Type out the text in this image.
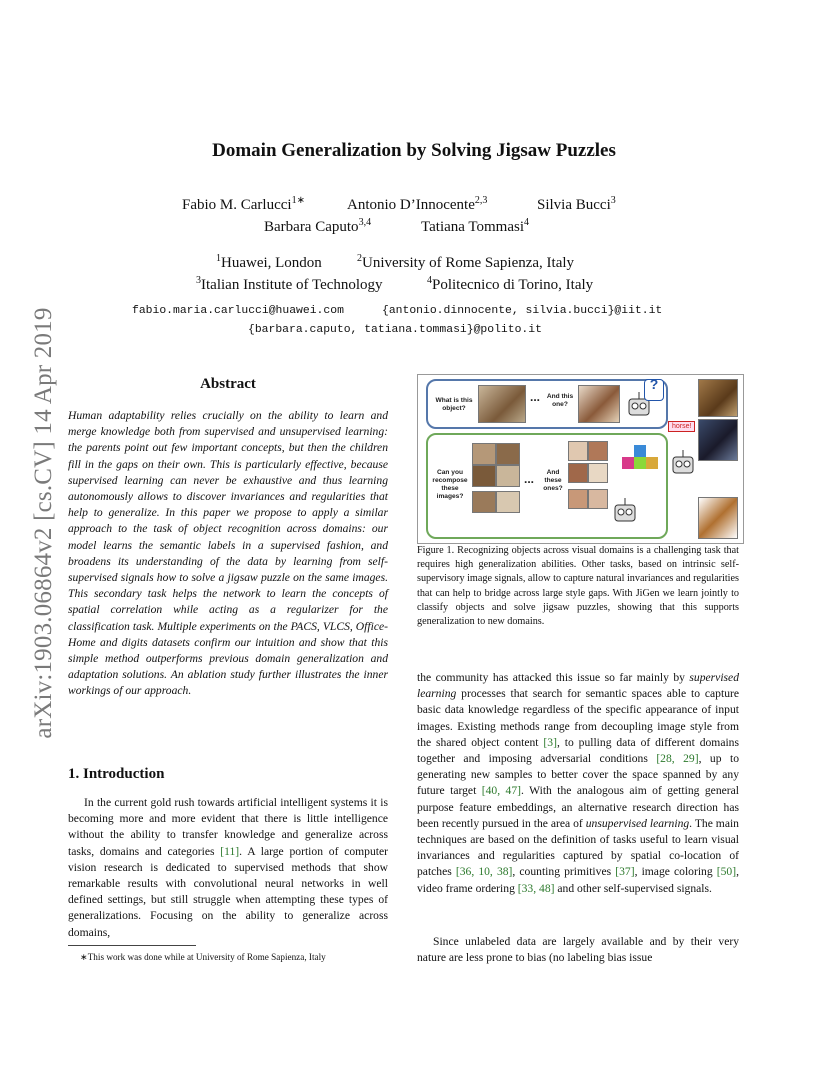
arXiv:1903.06864v2 [cs.CV] 14 Apr 2019
Domain Generalization by Solving Jigsaw Puzzles
Fabio M. Carlucci$^{1∗}$	Antonio D’Innocente$^{2,3}$	Silvia Bucci$^3$
Barbara Caputo$^{3,4}$	Tatiana Tommasi$^4$
$^1$Huawei, London	$^2$University of Rome Sapienza, Italy
$^3$Italian Institute of Technology	$^4$Politecnico di Torino, Italy
fabio.maria.carlucci@huawei.com	{antonio.dinnocente, silvia.bucci}@iit.it
{barbara.caputo, tatiana.tommasi}@polito.it
Abstract
Human adaptability relies crucially on the ability to learn and merge knowledge both from supervised and unsupervised learning: the parents point out few important concepts, but then the children fill in the gaps on their own. This is particularly effective, because supervised learning can never be exhaustive and thus learning autonomously allows to discover invariances and regularities that help to generalize. In this paper we propose to apply a similar approach to the task of object recognition across domains: our model learns the semantic labels in a supervised fashion, and broadens its understanding of the data by learning from self-supervised signals how to solve a jigsaw puzzle on the same images. This secondary task helps the network to learn the concepts of spatial correlation while acting as a regularizer for the classification task. Multiple experiments on the PACS, VLCS, Office-Home and digits datasets confirm our intuition and show that this simple method outperforms previous domain generalization and adaptation solutions. An ablation study further illustrates the inner workings of our approach.
1. Introduction
In the current gold rush towards artificial intelligent systems it is becoming more and more evident that there is little intelligence without the ability to transfer knowledge and generalize across tasks, domains and categories [11]. A large portion of computer vision research is dedicated to supervised methods that show remarkable results with convolutional neural networks in well defined settings, but still struggle when attempting these types of generalizations. Focusing on the ability to generalize across domains,
∗This work was done while at University of Rome Sapienza, Italy
What is this object?
...	And this one?
?
Can you recompose these images?
...	And these ones?
horse!
Figure 1. Recognizing objects across visual domains is a challenging task that requires high generalization abilities. Other tasks, based on intrinsic self-supervisory image signals, allow to capture natural invariances and regularities that can help to bridge across large style gaps. With JiGen we learn jointly to classify objects and solve jigsaw puzzles, showing that this supports generalization to new domains.
the community has attacked this issue so far mainly by supervised learning processes that search for semantic spaces able to capture basic data knowledge regardless of the specific appearance of input images. Existing methods range from decoupling image style from the shared object content [3], to pulling data of different domains together and imposing adversarial conditions [28, 29], up to generating new samples to better cover the space spanned by any future target [40, 47]. With the analogous aim of getting general purpose feature embeddings, an alternative research direction has been recently pursued in the area of unsupervised learning. The main techniques are based on the definition of tasks useful to learn visual invariances and regularities captured by spatial co-location of patches [36, 10, 38], counting primitives [37], image coloring [50], video frame ordering [33, 48] and other self-supervised signals.
Since unlabeled data are largely available and by their very nature are less prone to bias (no labeling bias issue
